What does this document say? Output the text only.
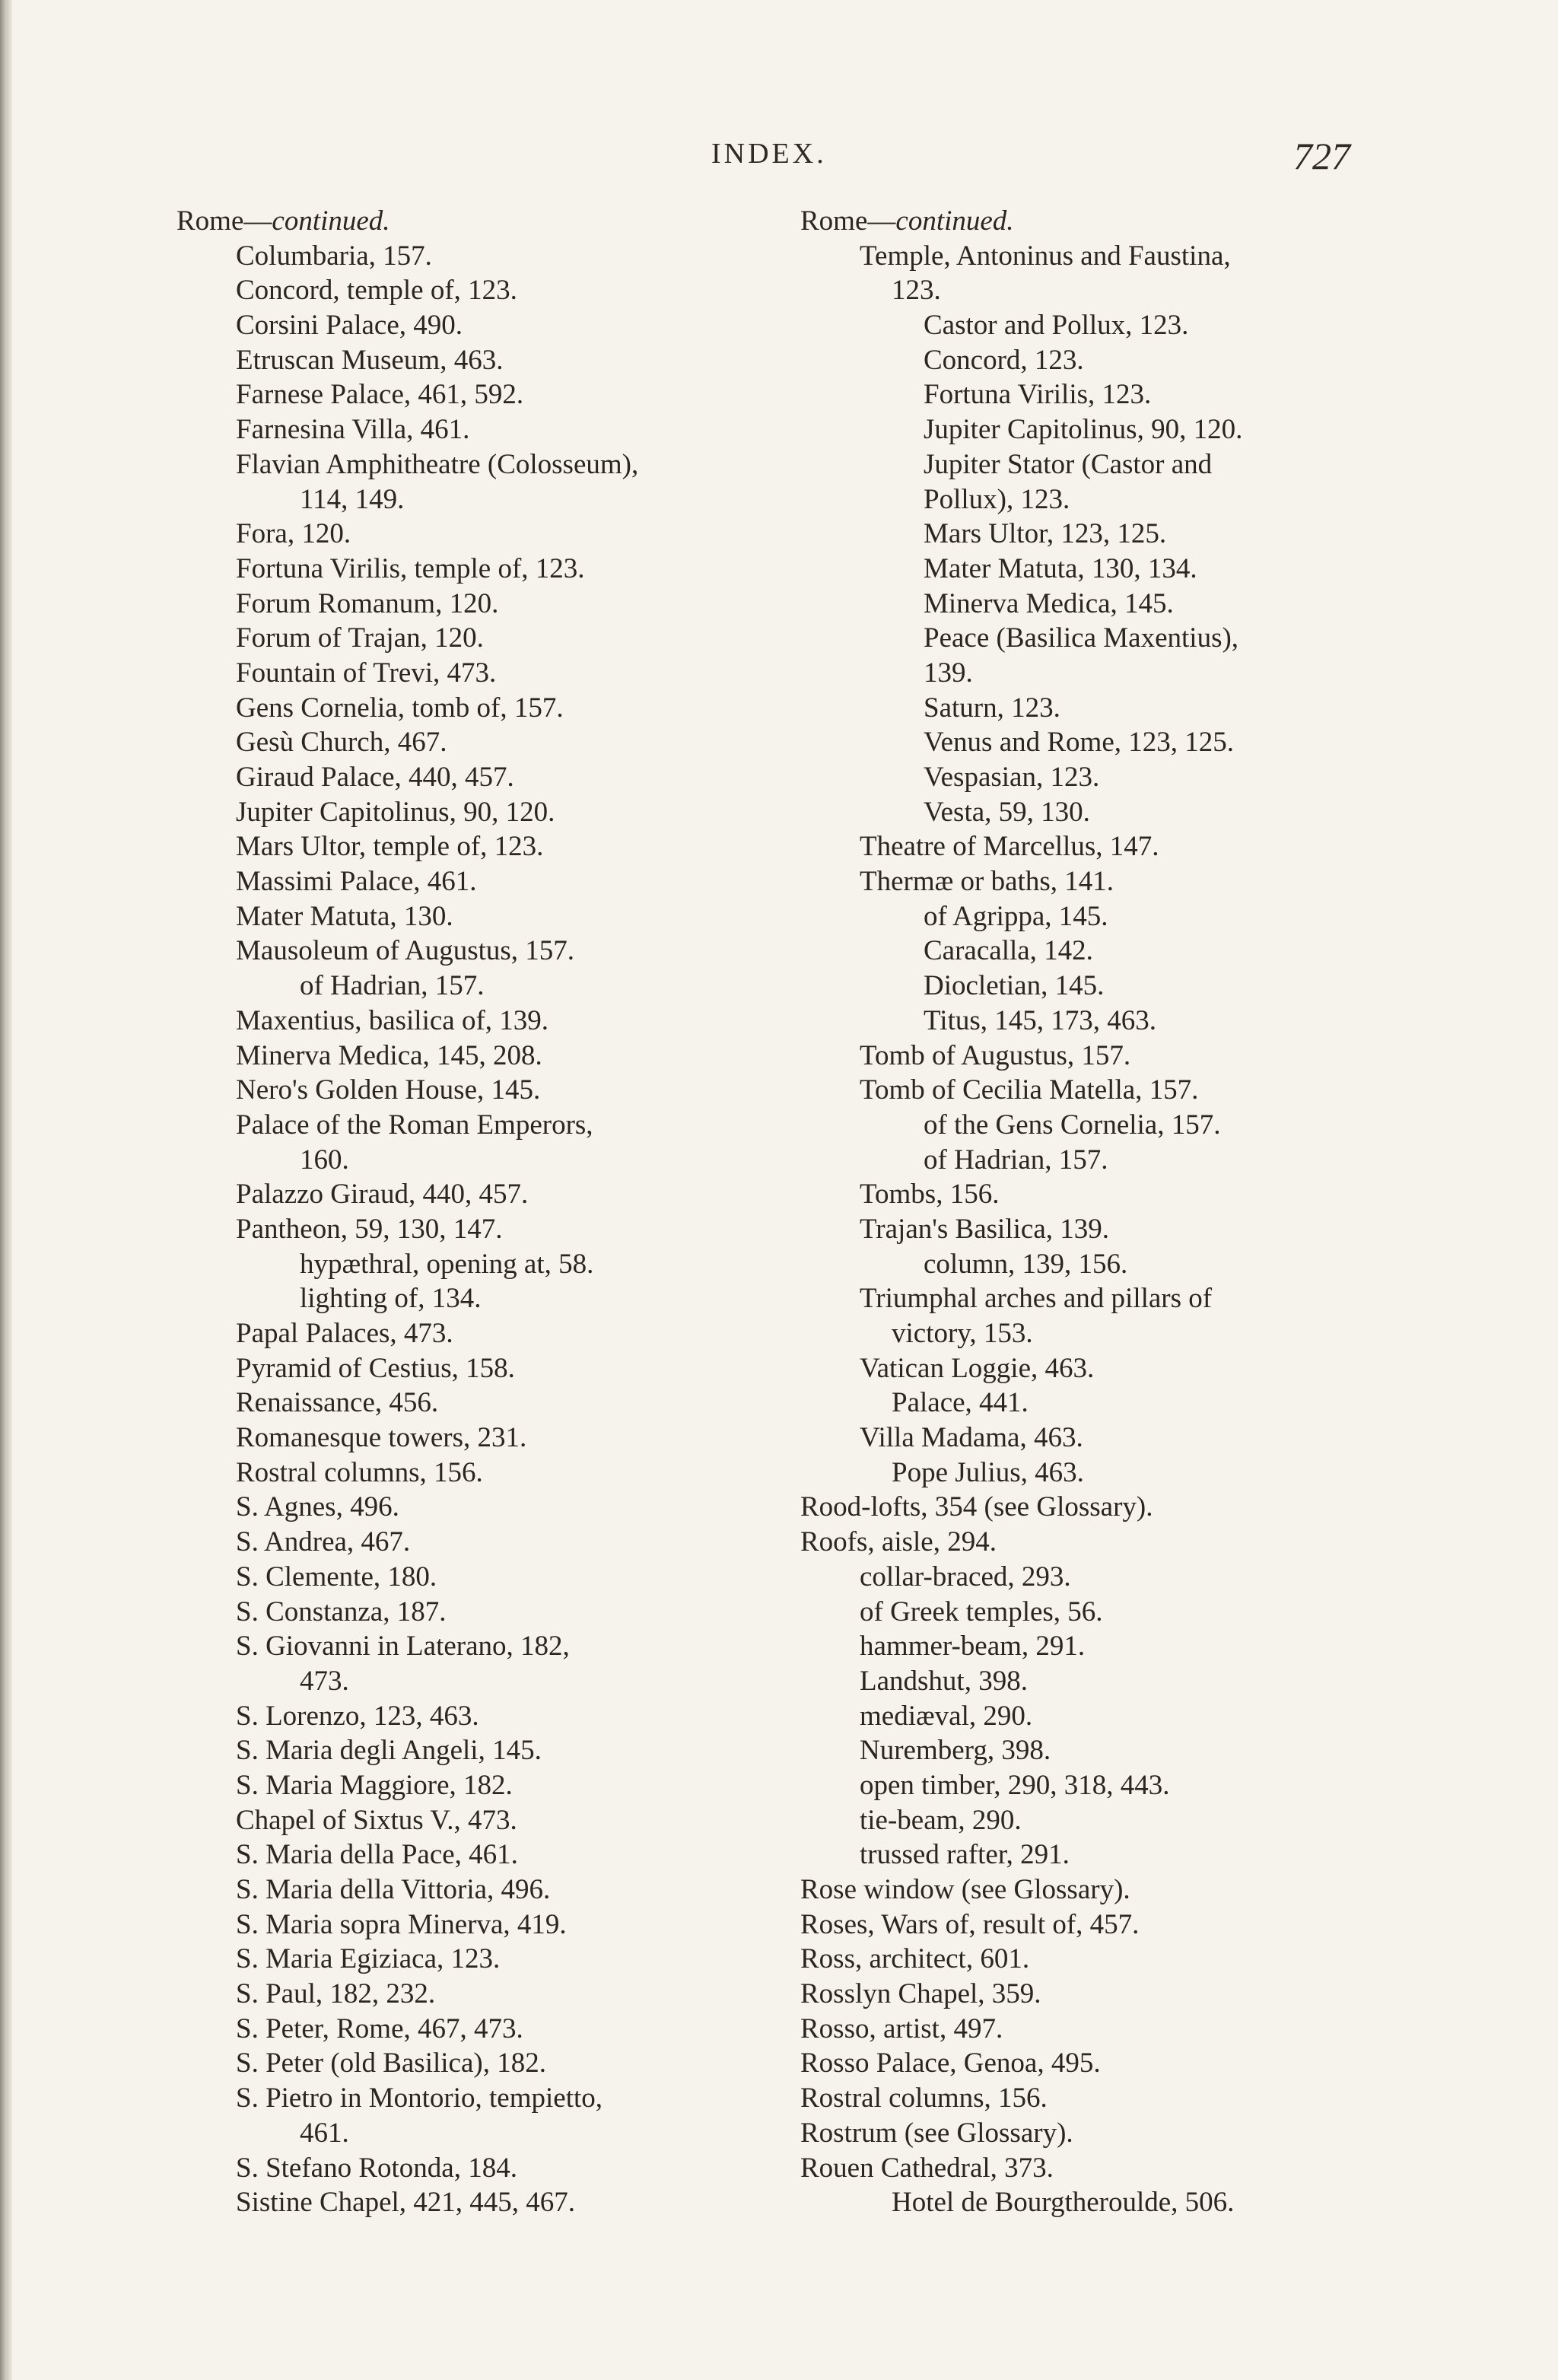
INDEX.	727
Rome—continued.
Columbaria, 157.
Concord, temple of, 123.
Corsini Palace, 490.
Etruscan Museum, 463.
Farnese Palace, 461, 592.
Farnesina Villa, 461.
Flavian Amphitheatre (Colosseum),
114, 149.
Fora, 120.
Fortuna Virilis, temple of, 123.
Forum Romanum, 120.
Forum of Trajan, 120.
Fountain of Trevi, 473.
Gens Cornelia, tomb of, 157.
Gesù Church, 467.
Giraud Palace, 440, 457.
Jupiter Capitolinus, 90, 120.
Mars Ultor, temple of, 123.
Massimi Palace, 461.
Mater Matuta, 130.
Mausoleum of Augustus, 157.
of Hadrian, 157.
Maxentius, basilica of, 139.
Minerva Medica, 145, 208.
Nero's Golden House, 145.
Palace of the Roman Emperors,
160.
Palazzo Giraud, 440, 457.
Pantheon, 59, 130, 147.
hypæthral, opening at, 58.
lighting of, 134.
Papal Palaces, 473.
Pyramid of Cestius, 158.
Renaissance, 456.
Romanesque towers, 231.
Rostral columns, 156.
S. Agnes, 496.
S. Andrea, 467.
S. Clemente, 180.
S. Constanza, 187.
S. Giovanni in Laterano, 182,
473.
S. Lorenzo, 123, 463.
S. Maria degli Angeli, 145.
S. Maria Maggiore, 182.
Chapel of Sixtus V., 473.
S. Maria della Pace, 461.
S. Maria della Vittoria, 496.
S. Maria sopra Minerva, 419.
S. Maria Egiziaca, 123.
S. Paul, 182, 232.
S. Peter, Rome, 467, 473.
S. Peter (old Basilica), 182.
S. Pietro in Montorio, tempietto,
461.
S. Stefano Rotonda, 184.
Sistine Chapel, 421, 445, 467.
Rome—continued.
Temple, Antoninus and Faustina,
123.
Castor and Pollux, 123.
Concord, 123.
Fortuna Virilis, 123.
Jupiter Capitolinus, 90, 120.
Jupiter Stator (Castor and
Pollux), 123.
Mars Ultor, 123, 125.
Mater Matuta, 130, 134.
Minerva Medica, 145.
Peace (Basilica Maxentius),
139.
Saturn, 123.
Venus and Rome, 123, 125.
Vespasian, 123.
Vesta, 59, 130.
Theatre of Marcellus, 147.
Thermæ or baths, 141.
of Agrippa, 145.
Caracalla, 142.
Diocletian, 145.
Titus, 145, 173, 463.
Tomb of Augustus, 157.
Tomb of Cecilia Matella, 157.
of the Gens Cornelia, 157.
of Hadrian, 157.
Tombs, 156.
Trajan's Basilica, 139.
column, 139, 156.
Triumphal arches and pillars of
victory, 153.
Vatican Loggie, 463.
Palace, 441.
Villa Madama, 463.
Pope Julius, 463.
Rood-lofts, 354 (see Glossary).
Roofs, aisle, 294.
collar-braced, 293.
of Greek temples, 56.
hammer-beam, 291.
Landshut, 398.
mediæval, 290.
Nuremberg, 398.
open timber, 290, 318, 443.
tie-beam, 290.
trussed rafter, 291.
Rose window (see Glossary).
Roses, Wars of, result of, 457.
Ross, architect, 601.
Rosslyn Chapel, 359.
Rosso, artist, 497.
Rosso Palace, Genoa, 495.
Rostral columns, 156.
Rostrum (see Glossary).
Rouen Cathedral, 373.
Hotel de Bourgtheroulde, 506.
